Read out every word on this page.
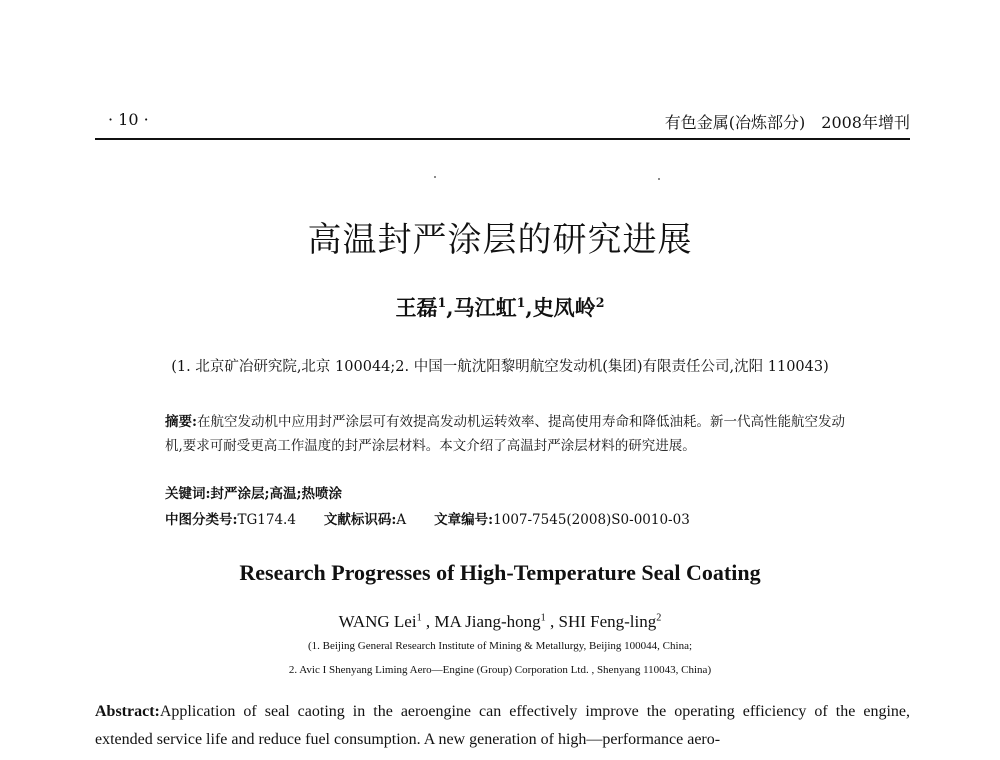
· 10 ·	有色金属(冶炼部分)　2008年增刊
高温封严涂层的研究进展
王磊$^1$,马江虹$^1$,史凤岭$^2$
(1. 北京矿冶研究院,北京 100044;2. 中国一航沈阳黎明航空发动机(集团)有限责任公司,沈阳 110043)
摘要:在航空发动机中应用封严涂层可有效提高发动机运转效率、提高使用寿命和降低油耗。新一代高性能航空发动机,要求可耐受更高工作温度的封严涂层材料。本文介绍了高温封严涂层材料的研究进展。
关键词:封严涂层;高温;热喷涂
中图分类号:TG174.4 文献标识码:A 文章编号:1007-7545(2008)S0-0010-03
Research Progresses of High-Temperature Seal Coating
WANG Lei$^1$ , MA Jiang-hong$^1$ , SHI Feng-ling$^2$
(1. Beijing General Research Institute of Mining & Metallurgy, Beijing 100044, China;
2. Avic I Shenyang Liming Aero—Engine (Group) Corporation Ltd. , Shenyang 110043, China)
Abstract:Application of seal caoting in the aeroengine can effectively improve the operating efficiency of the engine, extended service life and reduce fuel consumption. A new generation of high—performance aero-
